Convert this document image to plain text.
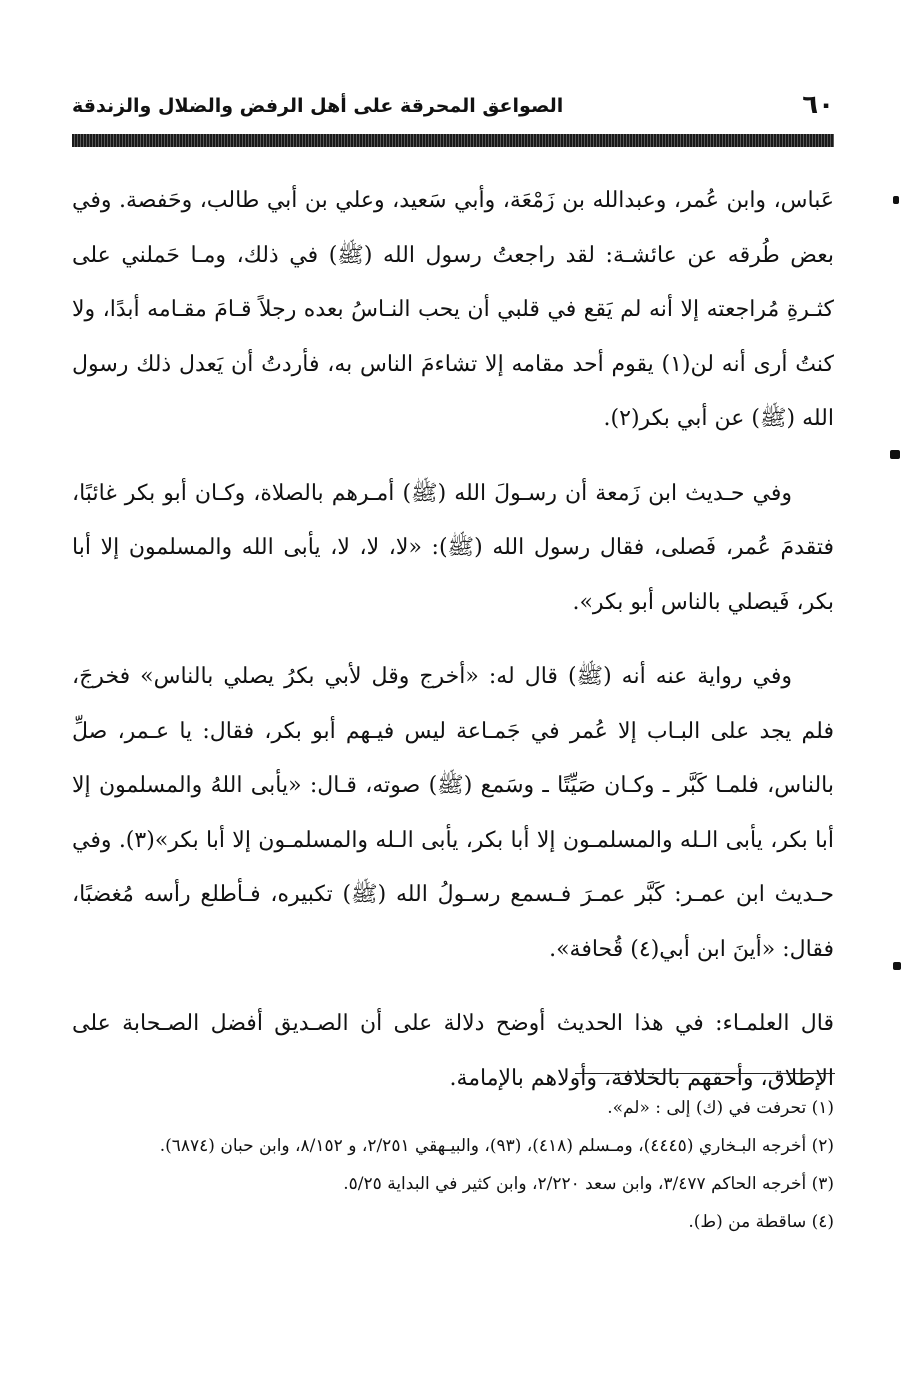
٦٠
الصواعق المحرقة على أهل الرفض والضلال والزندقة

عَباس، وابن عُمر، وعبدالله بن زَمْعَة، وأبي سَعيد، وعلي بن أبي طالب، وحَفصة. وفي بعض طُرقه عن عائشـة: لقد راجعتُ رسول الله (ﷺ) في ذلك، ومـا حَملني على كثـرةِ مُراجعته إلا أنه لم يَقع في قلبي أن يحب النـاسُ بعده رجلاً قـامَ مقـامه أبدًا، ولا كنتُ أرى أنه لن(١) يقوم أحد مقامه إلا تشاءمَ الناس به، فأردتُ أن يَعدل ذلك رسول الله (ﷺ) عن أبي بكر(٢).

وفي حـديث ابن زَمعة أن رسـولَ الله (ﷺ) أمـرهم بالصلاة، وكـان أبو بكر غائبًا، فتقدمَ عُمر، فَصلى، فقال رسول الله (ﷺ): «لا، لا، لا، يأبى الله والمسلمون إلا أبا بكر، فَيصلي بالناس أبو بكر».

وفي رواية عنه أنه (ﷺ) قال له: «أخرج وقل لأبي بكرُ يصلي بالناس» فخرجَ، فلم يجد على البـاب إلا عُمر في جَمـاعة ليس فيـهم أبو بكر، فقال: يا عـمر، صلِّ بالناس، فلمـا كَبَّر ـ وكـان صَيِّتًا ـ وسَمع (ﷺ) صوته، قـال: «يأبى اللهُ والمسلمون إلا أبا بكر، يأبى الـله والمسلمـون إلا أبا بكر، يأبى الـله والمسلمـون إلا أبا بكر»(٣). وفي حـديث ابن عمـر: كَبَّر عمـرَ فـسمع رسـولُ الله (ﷺ) تكبيره، فـأطلع رأسه مُغضبًا، فقال: «أينَ ابن أبي(٤) قُحافة».

قال العلمـاء: في هذا الحديث أوضح دلالة على أن الصـديق أفضل الصـحابة على الإطلاق، وأحقهم بالخلافة، وأولاهم بالإمامة.

(١) تحرفت في (ك) إلى : «لم».

(٢) أخرجه البـخاري (٤٤٤٥)، ومـسلم (٤١٨)، (٩٣)، والبيـهقي ٢/٢٥١، و ٨/١٥٢، وابن حبان (٦٨٧٤).

(٣) أخرجه الحاكم ٣/٤٧٧، وابن سعد ٢/٢٢٠، وابن كثير في البداية ٥/٢٥.

(٤) ساقطة من (ط).
